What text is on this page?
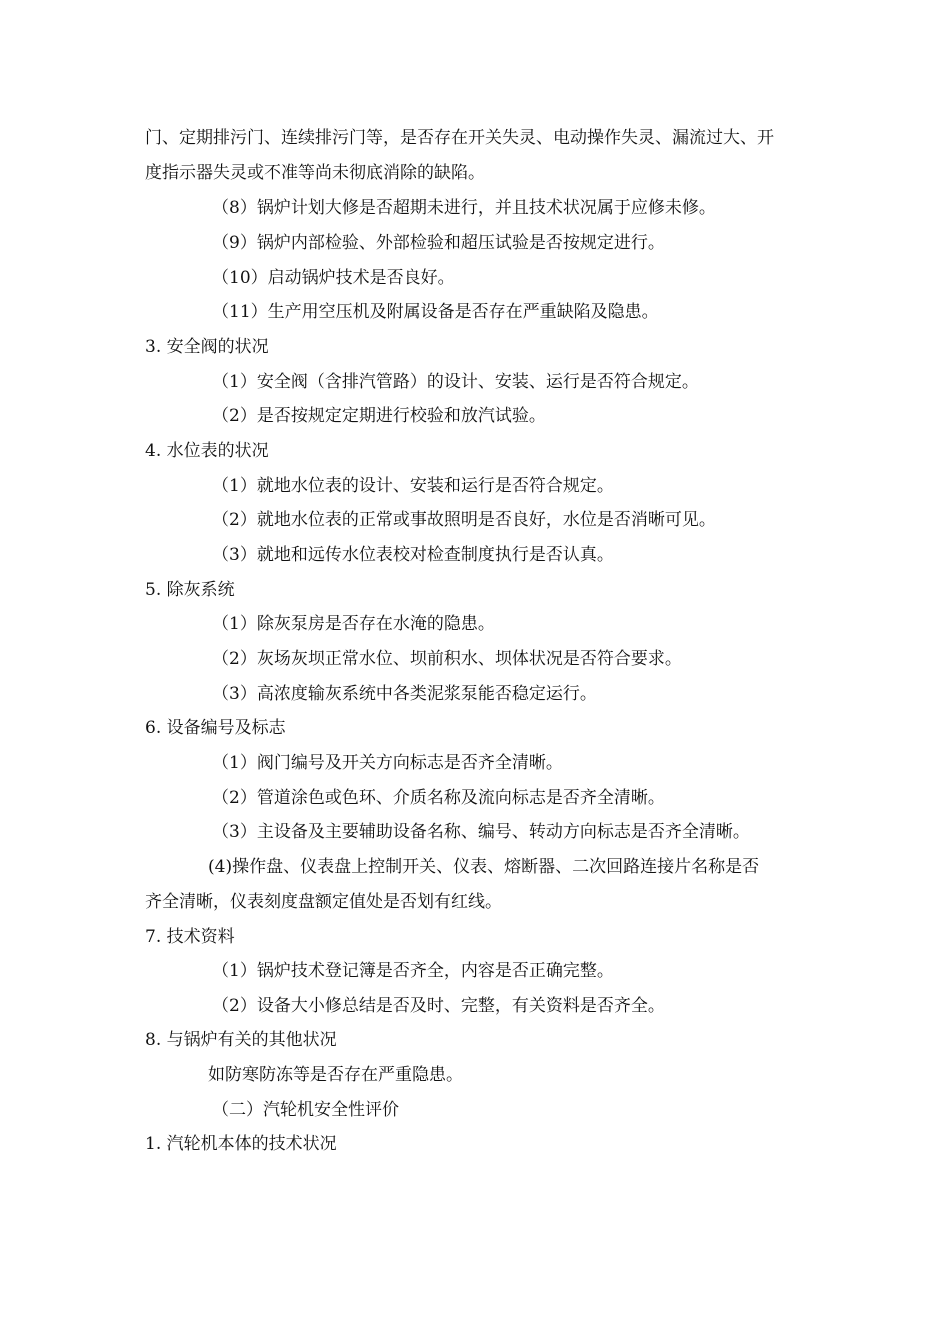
门、定期排污门、连续排污门等，是否存在开关失灵、电动操作失灵、漏流过大、开
度指示器失灵或不准等尚未彻底消除的缺陷。
（8）锅炉计划大修是否超期未进行，并且技术状况属于应修未修。
（9）锅炉内部检验、外部检验和超压试验是否按规定进行。
（10）启动锅炉技术是否良好。
（11）生产用空压机及附属设备是否存在严重缺陷及隐患。
3. 安全阀的状况
（1）安全阀（含排汽管路）的设计、安装、运行是否符合规定。
（2）是否按规定定期进行校验和放汽试验。
4. 水位表的状况
（1）就地水位表的设计、安装和运行是否符合规定。
（2）就地水位表的正常或事故照明是否良好，水位是否消晰可见。
（3）就地和远传水位表校对检查制度执行是否认真。
5. 除灰系统
（1）除灰泵房是否存在水淹的隐患。
（2）灰场灰坝正常水位、坝前积水、坝体状况是否符合要求。
（3）高浓度输灰系统中各类泥浆泵能否稳定运行。
6. 设备编号及标志
（1）阀门编号及开关方向标志是否齐全清晰。
（2）管道涂色或色环、介质名称及流向标志是否齐全清晰。
（3）主设备及主要辅助设备名称、编号、转动方向标志是否齐全清晰。
(4)操作盘、仪表盘上控制开关、仪表、熔断器、二次回路连接片名称是否
齐全清晰，仪表刻度盘额定值处是否划有红线。
7. 技术资料
（1）锅炉技术登记簿是否齐全，内容是否正确完整。
（2）设备大小修总结是否及时、完整，有关资料是否齐全。
8. 与锅炉有关的其他状况
如防寒防冻等是否存在严重隐患。
（二）汽轮机安全性评价
1. 汽轮机本体的技术状况
